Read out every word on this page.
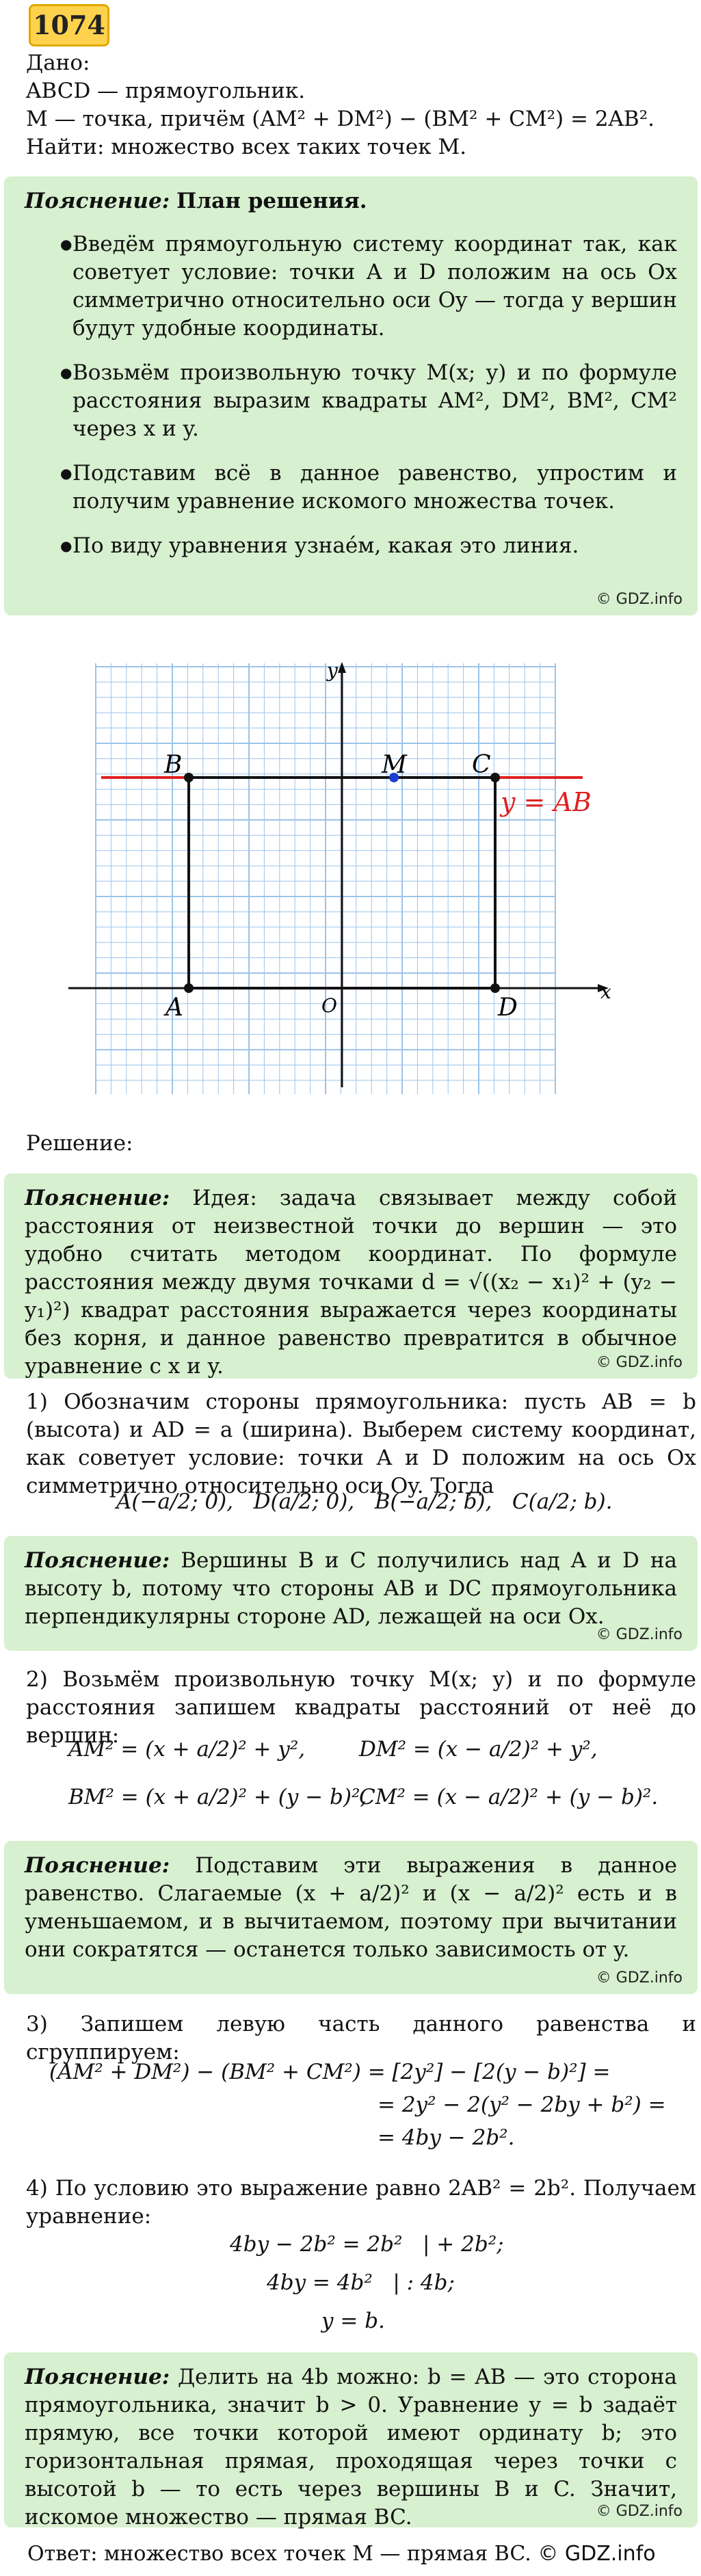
1074
Дано:
ABCD — прямоугольник.
M — точка, причём (AM² + DM²) − (BM² + CM²) = 2AB².
Найти: множество всех таких точек M.
Пояснение: План решения.
● Введём прямоугольную систему координат так, как советует условие: точки A и D положим на ось Ox симметрично относительно оси Oy — тогда у вершин будут удобные координаты.
● Возьмём произвольную точку M(x; y) и по формуле расстояния выразим квадраты AM², DM², BM², CM² через x и y.
● Подставим всё в данное равенство, упростим и получим уравнение искомого множества точек.
● По виду уравнения узнае́м, какая это линия.
© GDZ.info
B	C
M
A	D
O
y
x
y = AB
Решение:

Пояснение: Идея: задача связывает между собой расстояния от неизвестной точки до вершин — это удобно считать методом координат. По формуле расстояния между двумя точками d = √((x₂ − x₁)² + (y₂ − y₁)²) квадрат расстояния выражается через координаты без корня, и данное равенство превратится в обычное уравнение с x и y.	© GDZ.info
1) Обозначим стороны прямоугольника: пусть AB = b (высота) и AD = a (ширина). Выберем систему координат, как советует условие: точки A и D положим на ось Ox симметрично относительно оси Oy. Тогда
A(−a/2; 0),   D(a/2; 0),   B(−a/2; b),   C(a/2; b).

Пояснение: Вершины B и C получились над A и D на высоту b, потому что стороны AB и DC прямоугольника перпендикулярны стороне AD, лежащей на оси Ox.

© GDZ.info
2) Возьмём произвольную точку M(x; y) и по формуле расстояния запишем квадраты расстояний от неё до вершин:
AM² = (x + a/2)² + y²,	DM² = (x − a/2)² + y²,
BM² = (x + a/2)² + (y − b)²,
CM² = (x − a/2)² + (y − b)².

Пояснение: Подставим эти выражения в данное равенство. Слагаемые (x + a/2)² и (x − a/2)² есть и в уменьшаемом, и в вычитаемом, поэтому при вычитании они сократятся — останется только зависимость от y.

© GDZ.info
3) Запишем левую часть данного равенства и сгруппируем:
(AM² + DM²) − (BM² + CM²) = [2y²] − [2(y − b)²] =
= 2y² − 2(y² − 2by + b²) =
= 4by − 2b².
4) По условию это выражение равно 2AB² = 2b². Получаем уравнение:
4by − 2b² = 2b²   | + 2b²;
4by = 4b²   | : 4b;
y = b.

Пояснение: Делить на 4b можно: b = AB — это сторона прямоугольника, значит b > 0. Уравнение y = b задаёт прямую, все точки которой имеют ординату b; это горизонтальная прямая, проходящая через точки с высотой b — то есть через вершины B и C. Значит, искомое множество — прямая BC.	© GDZ.info
Ответ: множество всех точек M — прямая BC. © GDZ.info
